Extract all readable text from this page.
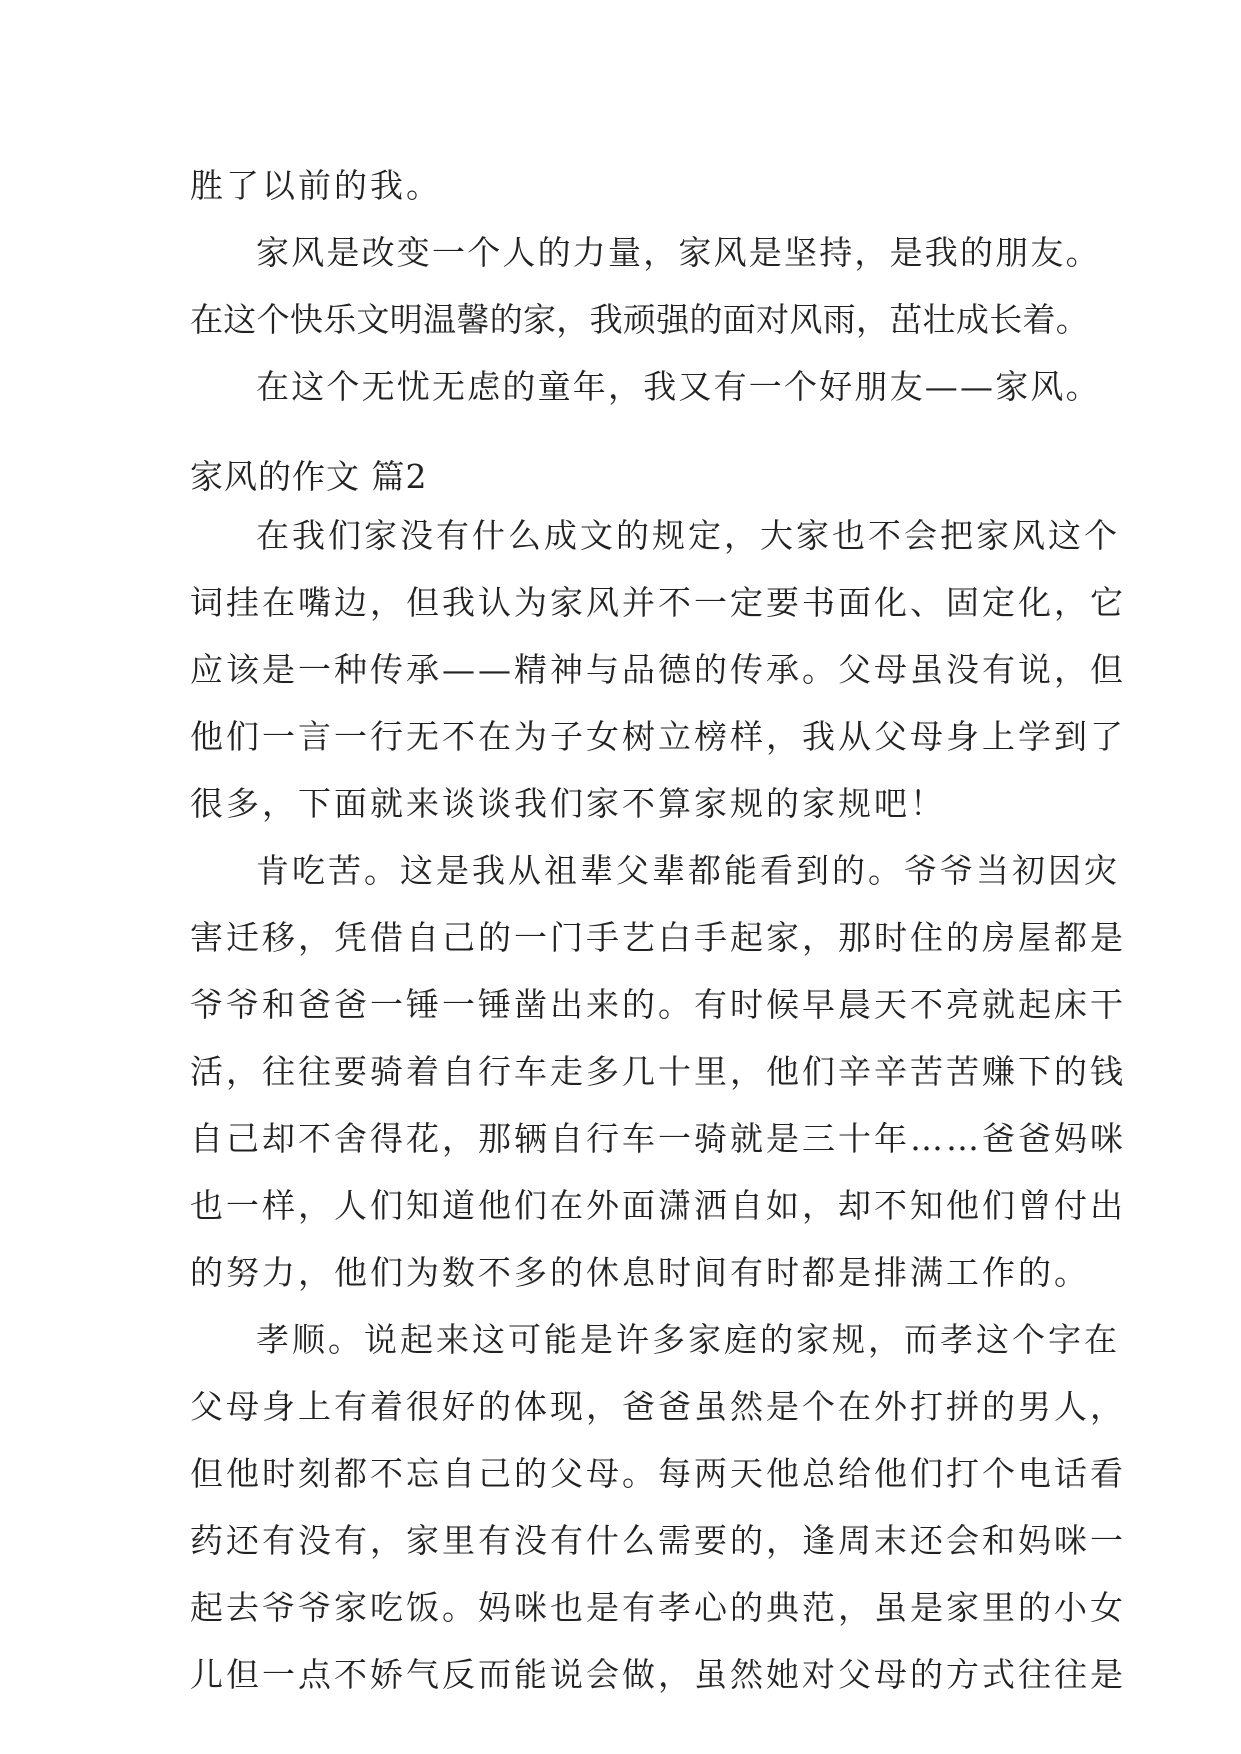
胜了以前的我。
家风是改变一个人的力量，家风是坚持，是我的朋友。
在这个快乐文明温馨的家，我顽强的面对风雨，茁壮成长着。
在这个无忧无虑的童年，我又有一个好朋友——家风。
家风的作文 篇2
在我们家没有什么成文的规定，大家也不会把家风这个
词挂在嘴边，但我认为家风并不一定要书面化、固定化，它
应该是一种传承——精神与品德的传承。父母虽没有说，但
他们一言一行无不在为子女树立榜样，我从父母身上学到了
很多，下面就来谈谈我们家不算家规的家规吧！
肯吃苦。这是我从祖辈父辈都能看到的。爷爷当初因灾
害迁移，凭借自己的一门手艺白手起家，那时住的房屋都是
爷爷和爸爸一锤一锤凿出来的。有时候早晨天不亮就起床干
活，往往要骑着自行车走多几十里，他们辛辛苦苦赚下的钱
自己却不舍得花，那辆自行车一骑就是三十年……爸爸妈咪
也一样，人们知道他们在外面潇洒自如，却不知他们曾付出
的努力，他们为数不多的休息时间有时都是排满工作的。
孝顺。说起来这可能是许多家庭的家规，而孝这个字在
父母身上有着很好的体现，爸爸虽然是个在外打拼的男人，
但他时刻都不忘自己的父母。每两天他总给他们打个电话看
药还有没有，家里有没有什么需要的，逢周末还会和妈咪一
起去爷爷家吃饭。妈咪也是有孝心的典范，虽是家里的小女
儿但一点不娇气反而能说会做，虽然她对父母的方式往往是
